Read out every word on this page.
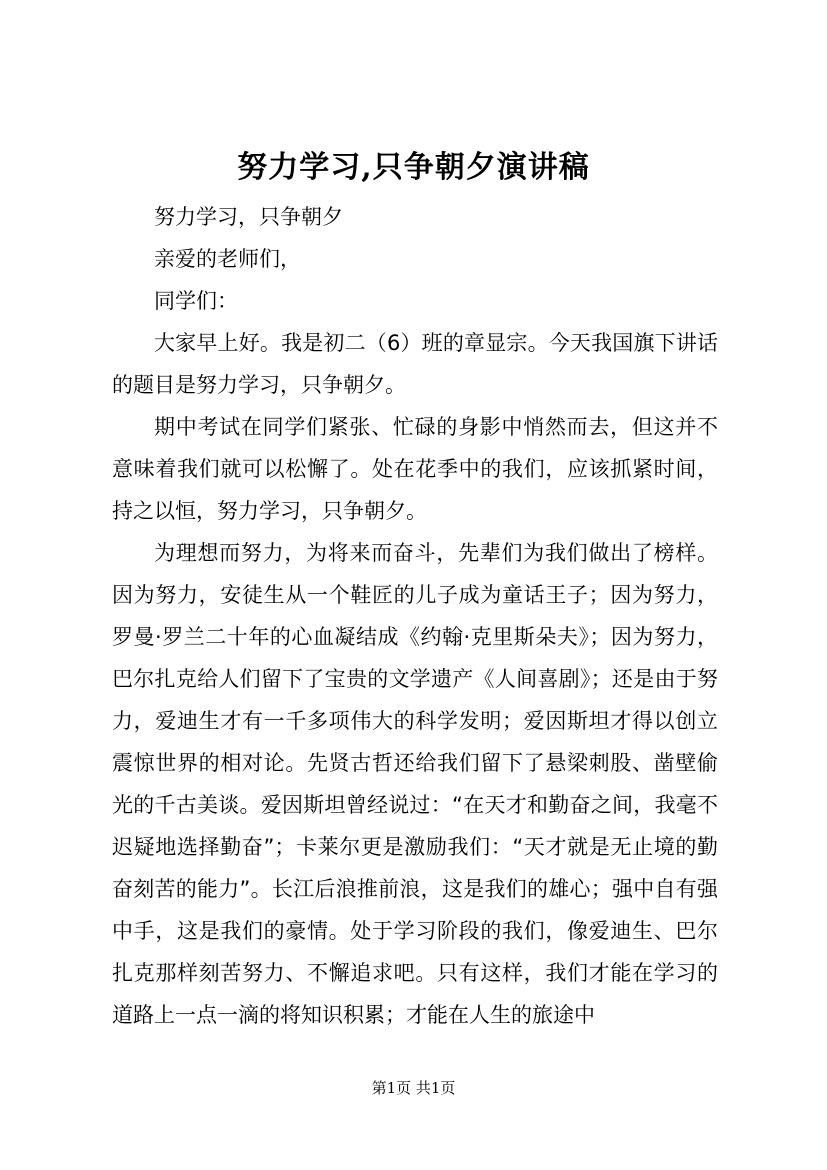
努力学习,只争朝夕演讲稿

努力学习，只争朝夕

亲爱的老师们，

同学们：

大家早上好。我是初二（6）班的章显宗。今天我国旗下讲话的题目是努力学习，只争朝夕。

期中考试在同学们紧张、忙碌的身影中悄然而去，但这并不意味着我们就可以松懈了。处在花季中的我们，应该抓紧时间，持之以恒，努力学习，只争朝夕。

为理想而努力，为将来而奋斗，先辈们为我们做出了榜样。因为努力，安徒生从一个鞋匠的儿子成为童话王子；因为努力，罗曼·罗兰二十年的心血凝结成《约翰·克里斯朵夫》；因为努力，巴尔扎克给人们留下了宝贵的文学遗产《人间喜剧》；还是由于努力，爱迪生才有一千多项伟大的科学发明；爱因斯坦才得以创立震惊世界的相对论。先贤古哲还给我们留下了悬梁刺股、凿壁偷光的千古美谈。爱因斯坦曾经说过：“在天才和勤奋之间，我毫不迟疑地选择勤奋”；卡莱尔更是激励我们：“天才就是无止境的勤奋刻苦的能力”。长江后浪推前浪，这是我们的雄心；强中自有强中手，这是我们的豪情。处于学习阶段的我们，像爱迪生、巴尔扎克那样刻苦努力、不懈追求吧。只有这样，我们才能在学习的道路上一点一滴的将知识积累；才能在人生的旅途中

第1页 共1页
